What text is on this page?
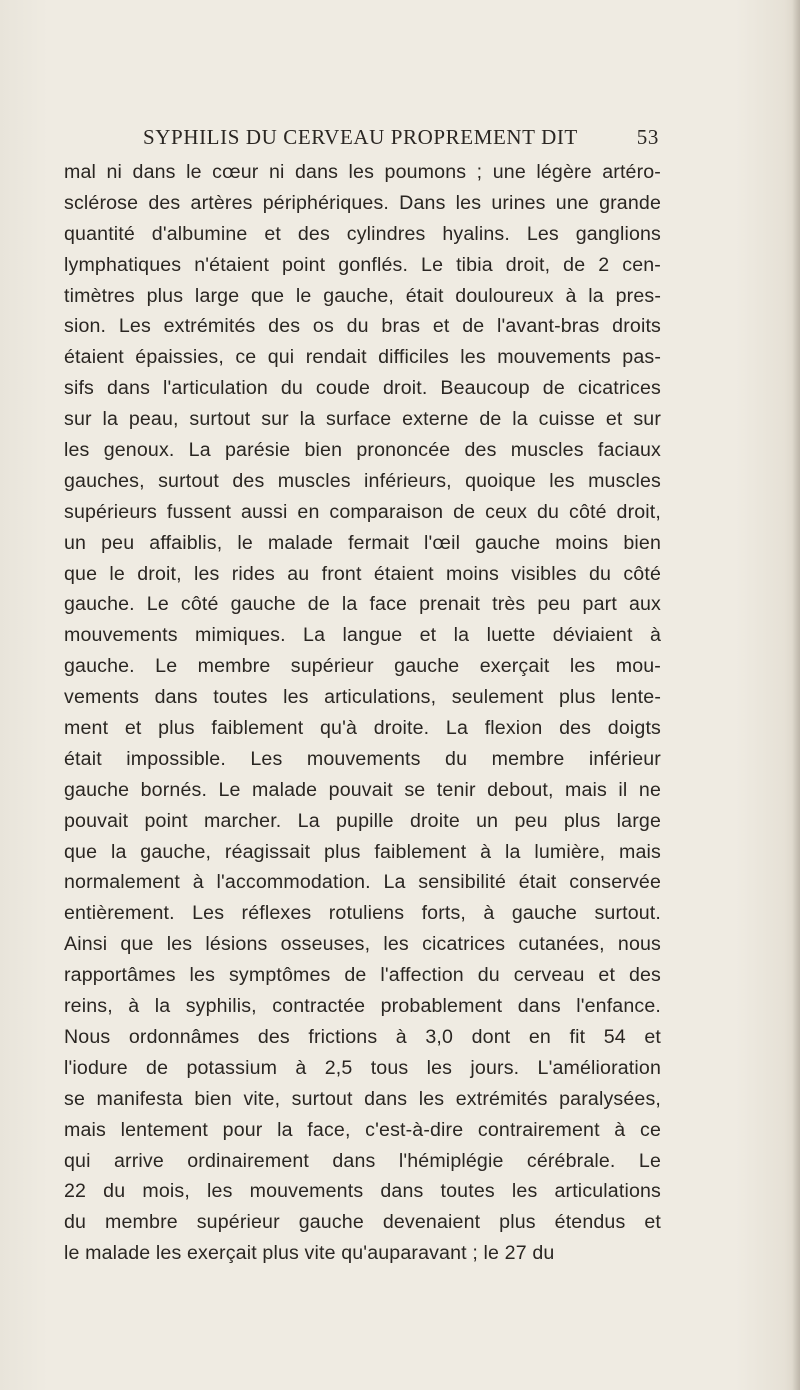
SYPHILIS DU CERVEAU PROPREMENT DIT	53
mal ni dans le cœur ni dans les poumons ; une légère artéro-
sclérose des artères périphériques. Dans les urines une grande
quantité d'albumine et des cylindres hyalins. Les ganglions
lymphatiques n'étaient point gonflés. Le tibia droit, de 2 cen-
timètres plus large que le gauche, était douloureux à la pres-
sion. Les extrémités des os du bras et de l'avant-bras droits
étaient épaissies, ce qui rendait difficiles les mouvements pas-
sifs dans l'articulation du coude droit. Beaucoup de cicatrices
sur la peau, surtout sur la surface externe de la cuisse et sur
les genoux. La parésie bien prononcée des muscles faciaux
gauches, surtout des muscles inférieurs, quoique les muscles
supérieurs fussent aussi en comparaison de ceux du côté droit,
un peu affaiblis, le malade fermait l'œil gauche moins bien
que le droit, les rides au front étaient moins visibles du côté
gauche. Le côté gauche de la face prenait très peu part aux
mouvements mimiques. La langue et la luette déviaient à
gauche. Le membre supérieur gauche exerçait les mou-
vements dans toutes les articulations, seulement plus lente-
ment et plus faiblement qu'à droite. La flexion des doigts
était impossible. Les mouvements du membre inférieur
gauche bornés. Le malade pouvait se tenir debout, mais il ne
pouvait point marcher. La pupille droite un peu plus large
que la gauche, réagissait plus faiblement à la lumière, mais
normalement à l'accommodation. La sensibilité était conservée
entièrement. Les réflexes rotuliens forts, à gauche surtout.
Ainsi que les lésions osseuses, les cicatrices cutanées, nous
rapportâmes les symptômes de l'affection du cerveau et des
reins, à la syphilis, contractée probablement dans l'enfance.
Nous ordonnâmes des frictions à 3,0 dont en fit 54 et
l'iodure de potassium à 2,5 tous les jours. L'amélioration
se manifesta bien vite, surtout dans les extrémités paralysées,
mais lentement pour la face, c'est-à-dire contrairement à ce
qui arrive ordinairement dans l'hémiplégie cérébrale. Le
22 du mois, les mouvements dans toutes les articulations
du membre supérieur gauche devenaient plus étendus et
le malade les exerçait plus vite qu'auparavant ; le 27 du
